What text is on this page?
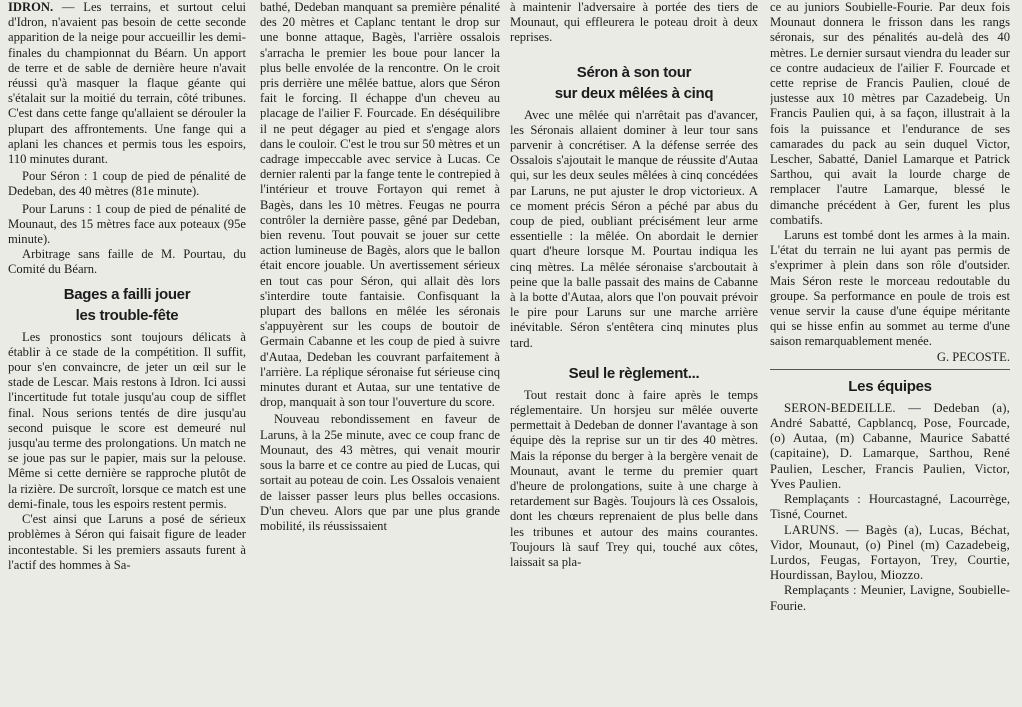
IDRON. — Les terrains, et surtout celui d'Idron, n'avaient pas besoin de cette seconde apparition de la neige pour accueillir les demi-finales du championnat du Béarn. Un apport de terre et de sable de dernière heure n'avait réussi qu'à masquer la flaque géante qui s'étalait sur la moitié du terrain, côté tribunes. C'est dans cette fange qu'allaient se dérouler la plupart des affrontements. Une fange qui a aplani les chances et permis tous les espoirs, 110 minutes durant.

Pour Séron : 1 coup de pied de pénalité de Dedeban, des 40 mètres (81e minute).

Pour Laruns : 1 coup de pied de pénalité de Mounaut, des 15 mètres face aux poteaux (95e minute).

Arbitrage sans faille de M. Pourtau, du Comité du Béarn.

Bages a failli jouer
les trouble-fête

Les pronostics sont toujours délicats à établir à ce stade de la compétition. Il suffit, pour s'en convaincre, de jeter un œil sur le stade de Lescar. Mais restons à Idron. Ici aussi l'incertitude fut totale jusqu'au coup de sifflet final. Nous serions tentés de dire jusqu'au second puisque le score est demeuré nul jusqu'au terme des prolongations. Un match ne se joue pas sur le papier, mais sur la pelouse. Même si cette dernière se rapproche plutôt de la rizière. De surcroît, lorsque ce match est une demi-finale, tous les espoirs restent permis.

C'est ainsi que Laruns a posé de sérieux problèmes à Séron qui faisait figure de leader incontestable. Si les premiers assauts furent à l'actif des hommes à Sa-

bathé, Dedeban manquant sa première pénalité des 20 mètres et Caplanc tentant le drop sur une bonne attaque, Bagès, l'arrière ossalois s'arracha le premier les boue pour lancer la plus belle envolée de la rencontre. On le croit pris derrière une mêlée battue, alors que Séron fait le forcing. Il échappe d'un cheveu au placage de l'ailier F. Fourcade. En déséquilibre il ne peut dégager au pied et s'engage alors dans le couloir. C'est le trou sur 50 mètres et un cadrage impeccable avec service à Lucas. Ce dernier ralenti par la fange tente le contrepied à l'intérieur et trouve Fortayon qui remet à Bagès, dans les 10 mètres. Feugas ne pourra contrôler la dernière passe, gêné par Dedeban, bien revenu. Tout pouvait se jouer sur cette action lumineuse de Bagès, alors que le ballon était encore jouable. Un avertissement sérieux en tout cas pour Séron, qui allait dès lors s'interdire toute fantaisie. Confisquant la plupart des ballons en mêlée les séronais s'appuyèrent sur les coups de boutoir de Germain Cabanne et les coup de pied à suivre d'Autaa, Dedeban les couvrant parfaitement à l'arrière. La réplique séronaise fut sérieuse cinq minutes durant et Autaa, sur une tentative de drop, manquait à son tour l'ouverture du score.

Nouveau rebondissement en faveur de Laruns, à la 25e minute, avec ce coup franc de Mounaut, des 43 mètres, qui venait mourir sous la barre et ce contre au pied de Lucas, qui sortait au poteau de coin. Les Ossalois venaient de laisser passer leurs plus belles occasions. D'un cheveu. Alors que par une plus grande mobilité, ils réussissaient

à maintenir l'adversaire à portée des tiers de Mounaut, qui effleurera le poteau droit à deux reprises.

Séron à son tour
sur deux mêlées à cinq

Avec une mêlée qui n'arrêtait pas d'avancer, les Séronais allaient dominer à leur tour sans parvenir à concrétiser. A la défense serrée des Ossalois s'ajoutait le manque de réussite d'Autaa qui, sur les deux seules mêlées à cinq concédées par Laruns, ne put ajuster le drop victorieux. A ce moment précis Séron a péché par abus du coup de pied, oubliant précisément leur arme essentielle : la mêlée. On abordait le dernier quart d'heure lorsque M. Pourtau indiqua les cinq mètres. La mêlée séronaise s'arcboutait à peine que la balle passait des mains de Cabanne à la botte d'Autaa, alors que l'on pouvait prévoir le pire pour Laruns sur une marche arrière inévitable. Séron s'entêtera cinq minutes plus tard.

Seul le règlement...

Tout restait donc à faire après le temps réglementaire. Un horsjeu sur mêlée ouverte permettait à Dedeban de donner l'avantage à son équipe dès la reprise sur un tir des 40 mètres. Mais la réponse du berger à la bergère venait de Mounaut, avant le terme du premier quart d'heure de prolongations, suite à une charge à retardement sur Bagès. Toujours là ces Ossalois, dont les chœurs reprenaient de plus belle dans les tribunes et autour des mains courantes. Toujours là sauf Trey qui, touché aux côtes, laissait sa pla-

ce au juniors Soubielle-Fourie. Par deux fois Mounaut donnera le frisson dans les rangs séronais, sur des pénalités au-delà des 40 mètres. Le dernier sursaut viendra du leader sur ce contre audacieux de l'ailier F. Fourcade et cette reprise de Francis Paulien, cloué de justesse aux 10 mètres par Cazadebeig. Un Francis Paulien qui, à sa façon, illustrait à la fois la puissance et l'endurance de ses camarades du pack au sein duquel Victor, Lescher, Sabatté, Daniel Lamarque et Patrick Sarthou, qui avait la lourde charge de remplacer l'autre Lamarque, blessé le dimanche précédent à Ger, furent les plus combatifs.

Laruns est tombé dont les armes à la main. L'état du terrain ne lui ayant pas permis de s'exprimer à plein dans son rôle d'outsider. Mais Séron reste le morceau redoutable du groupe. Sa performance en poule de trois est venue servir la cause d'une équipe méritante qui se hisse enfin au sommet au terme d'une saison remarquablement menée.

G. PECOSTE.

Les équipes

SERON-BEDEILLE. — Dedeban (a), André Sabatté, Capblancq, Pose, Fourcade, (o) Autaa, (m) Cabanne, Maurice Sabatté (capitaine), D. Lamarque, Sarthou, René Paulien, Lescher, Francis Paulien, Victor, Yves Paulien.

Remplaçants : Hourcastagné, Lacourrège, Tisné, Cournet.

LARUNS. — Bagès (a), Lucas, Béchat, Vidor, Mounaut, (o) Pinel (m) Cazadebeig, Lurdos, Feugas, Fortayon, Trey, Courtie, Hourdissan, Baylou, Miozzo.

Remplaçants : Meunier, Lavigne, Soubielle-Fourie.
